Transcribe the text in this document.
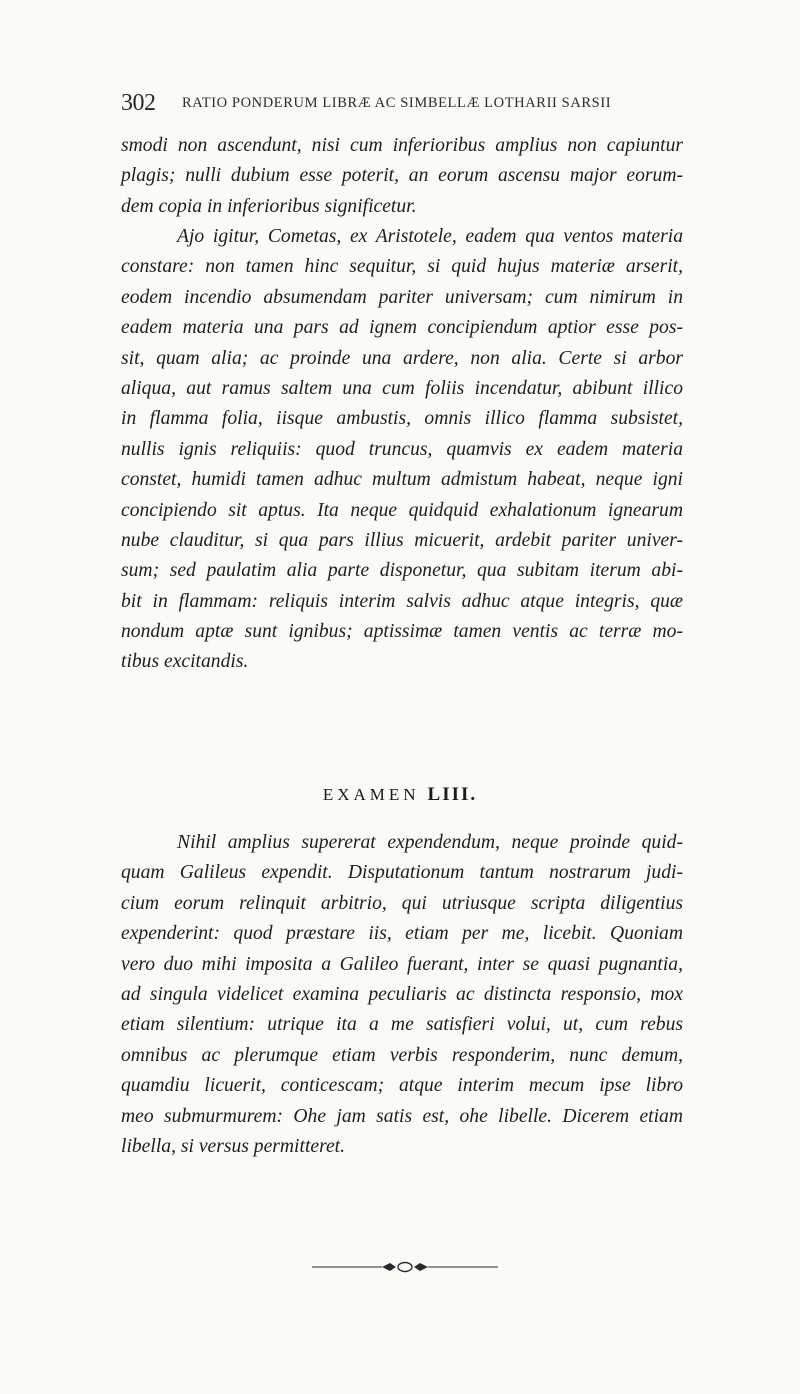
302 RATIO PONDERUM LIBRÆ AC SIMBELLÆ LOTHARII SARSII
smodi non ascendunt, nisi cum inferioribus amplius non capiuntur
plagis; nulli dubium esse poterit, an eorum ascensu major eorum-
dem copia in inferioribus significetur.
Ajo igitur, Cometas, ex Aristotele, eadem qua ventos materia
constare: non tamen hinc sequitur, si quid hujus materiæ arserit,
eodem incendio absumendam pariter universam; cum nimirum in
eadem materia una pars ad ignem concipiendum aptior esse pos-
sit, quam alia; ac proinde una ardere, non alia. Certe si arbor
aliqua, aut ramus saltem una cum foliis incendatur, abibunt illico
in flamma folia, iisque ambustis, omnis illico flamma subsistet,
nullis ignis reliquiis: quod truncus, quamvis ex eadem materia
constet, humidi tamen adhuc multum admistum habeat, neque igni
concipiendo sit aptus. Ita neque quidquid exhalationum ignearum
nube clauditur, si qua pars illius micuerit, ardebit pariter univer-
sum; sed paulatim alia parte disponetur, qua subitam iterum abi-
bit in flammam: reliquis interim salvis adhuc atque integris, quæ
nondum aptæ sunt ignibus; aptissimæ tamen ventis ac terræ mo-
tibus excitandis.
EXAMEN LIII.
Nihil amplius supererat expendendum, neque proinde quid-
quam Galileus expendit. Disputationum tantum nostrarum judi-
cium eorum relinquit arbitrio, qui utriusque scripta diligentius
expenderint: quod præstare iis, etiam per me, licebit. Quoniam
vero duo mihi imposita a Galileo fuerant, inter se quasi pugnantia,
ad singula videlicet examina peculiaris ac distincta responsio, mox
etiam silentium: utrique ita a me satisfieri volui, ut, cum rebus
omnibus ac plerumque etiam verbis responderim, nunc demum,
quamdiu licuerit, conticescam; atque interim mecum ipse libro
meo submurmurem: Ohe jam satis est, ohe libelle. Dicerem etiam
libella, si versus permitteret.
